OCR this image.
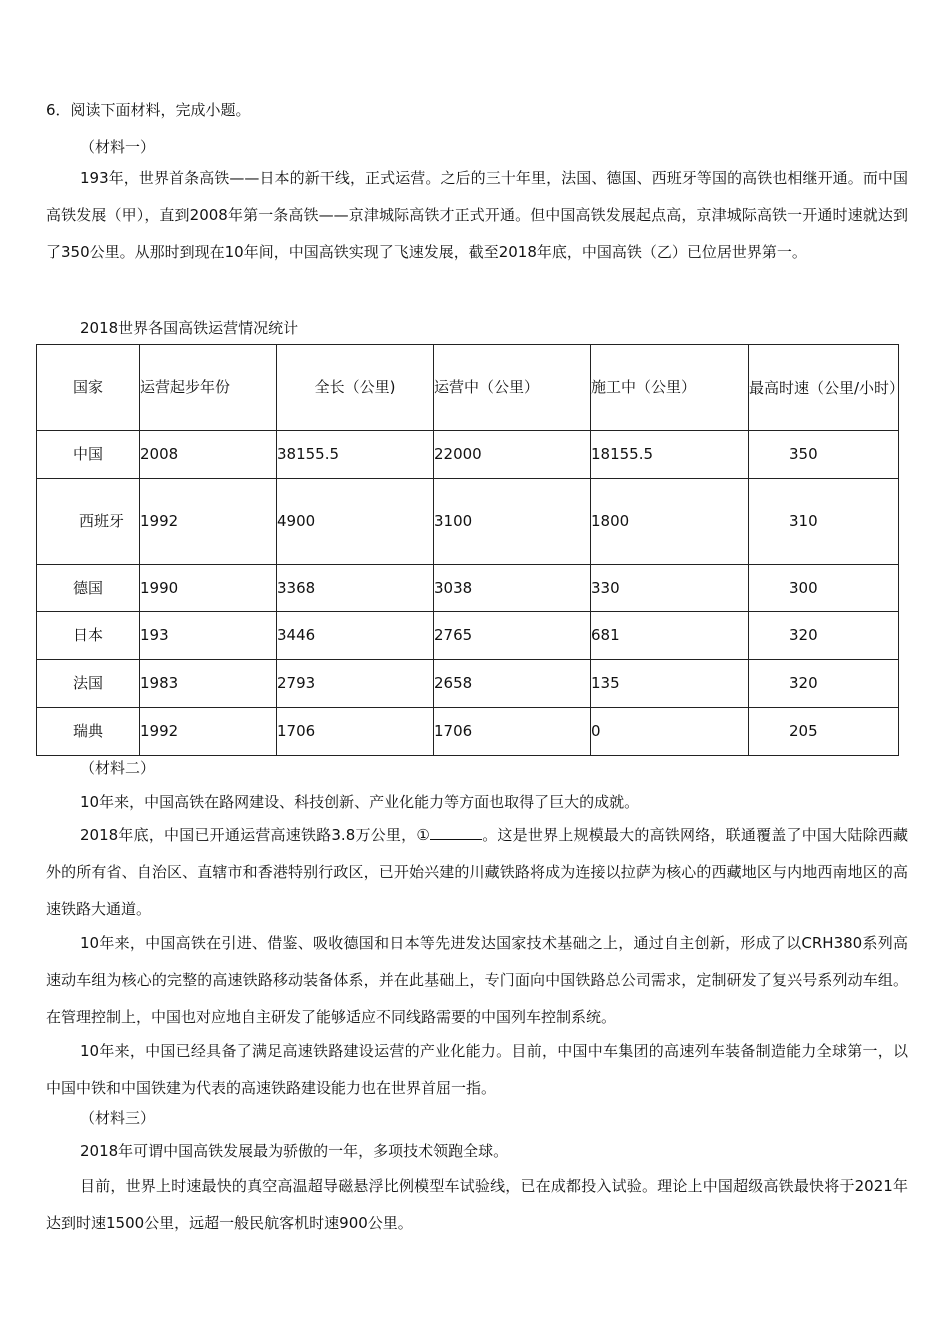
6．阅读下面材料，完成小题。
（材料一）
193年，世界首条高铁——日本的新干线，正式运营。之后的三十年里，法国、德国、西班牙等国的高铁也相继开通。而中国高铁发展（甲），直到2008年第一条高铁——京津城际高铁才正式开通。但中国高铁发展起点高，京津城际高铁一开通时速就达到了350公里。从那时到现在10年间，中国高铁实现了飞速发展，截至2018年底，中国高铁（乙）已位居世界第一。
2018世界各国高铁运营情况统计
国家	运营起步年份	全长（公里)	运营中（公里）	施工中（公里）	最高时速（公里/小时）
中国	2008	38155.5	22000	18155.5	350
西班牙	1992	4900	3100	1800	310
德国	1990	3368	3038	330	300
日本	193	3446	2765	681	320
法国	1983	2793	2658	135	320
瑞典	1992	1706	1706	0	205
（材料二）
10年来，中国高铁在路网建设、科技创新、产业化能力等方面也取得了巨大的成就。
2018年底，中国已开通运营高速铁路3.8万公里，①	。这是世界上规模最大的高铁网络，联通覆盖了中国大陆除西藏外的所有省、自治区、直辖市和香港特别行政区，已开始兴建的川藏铁路将成为连接以拉萨为核心的西藏地区与内地西南地区的高速铁路大通道。
10年来，中国高铁在引进、借鉴、吸收德国和日本等先进发达国家技术基础之上，通过自主创新，形成了以CRH380系列高速动车组为核心的完整的高速铁路移动装备体系，并在此基础上，专门面向中国铁路总公司需求，定制研发了复兴号系列动车组。在管理控制上，中国也对应地自主研发了能够适应不同线路需要的中国列车控制系统。
10年来，中国已经具备了满足高速铁路建设运营的产业化能力。目前，中国中车集团的高速列车装备制造能力全球第一，以中国中铁和中国铁建为代表的高速铁路建设能力也在世界首屈一指。
（材料三）
2018年可谓中国高铁发展最为骄傲的一年，多项技术领跑全球。
目前，世界上时速最快的真空高温超导磁悬浮比例模型车试验线，已在成都投入试验。理论上中国超级高铁最快将于2021年达到时速1500公里，远超一般民航客机时速900公里。
